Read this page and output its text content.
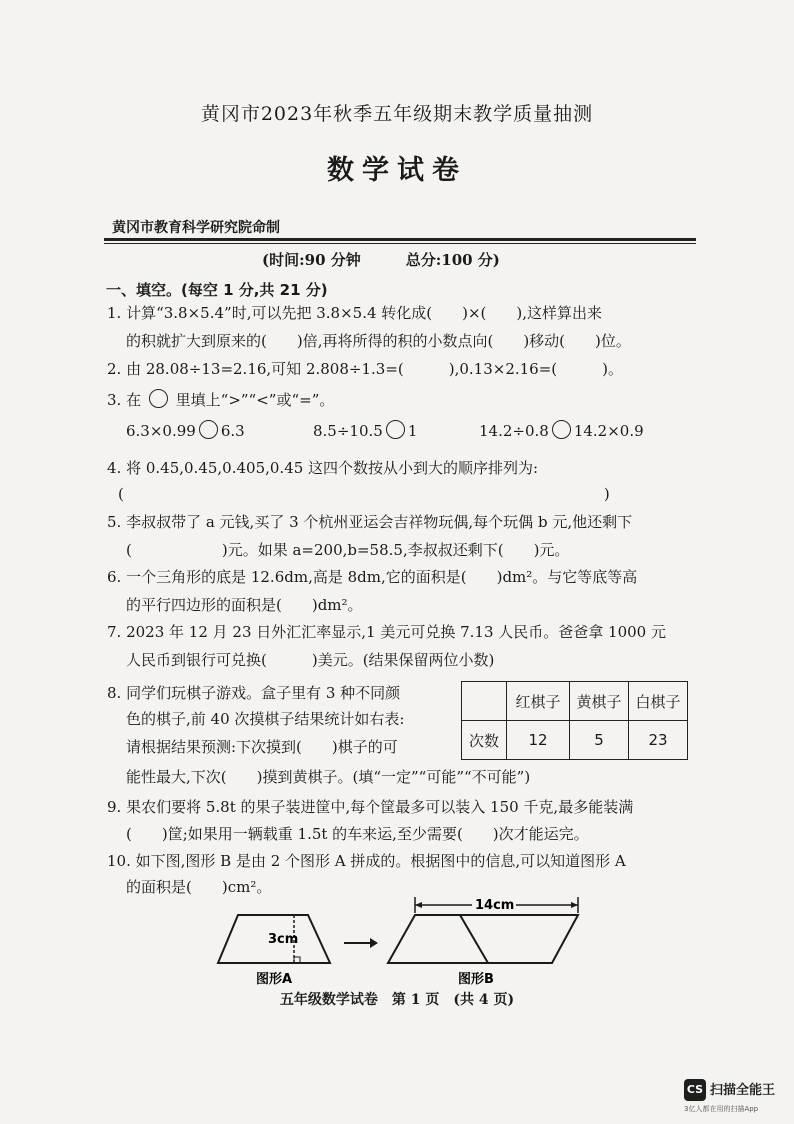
黄冈市2023年秋季五年级期末教学质量抽测
数学试卷
黄冈市教育科学研究院命制
(时间:90 分钟　　　总分:100 分)
一、填空。(每空 1 分,共 21 分)
1. 计算“3.8×5.4”时,可以先把 3.8×5.4 转化成(　　)×(　　),这样算出来
的积就扩大到原来的(　　)倍,再将所得的积的小数点向(　　)移动(　　)位。
2. 由 28.08÷13=2.16,可知 2.808÷1.3=(　　　),0.13×2.16=(　　　)。
3. 在 里填上“>”“<”或“=”。
6.3×0.99 6.3	8.5÷10.5 1	14.2÷0.8 14.2×0.9
4. 将 0.45,0.45,0.405,0.45 这四个数按从小到大的顺序排列为:
(　　　　　　　　　　　　　　　　　　　　　　　　　　　　　　　　)
5. 李叔叔带了 a 元钱,买了 3 个杭州亚运会吉祥物玩偶,每个玩偶 b 元,他还剩下
(　　　　　　)元。如果 a=200,b=58.5,李叔叔还剩下(　　)元。
6. 一个三角形的底是 12.6dm,高是 8dm,它的面积是(　　)dm²。与它等底等高
的平行四边形的面积是(　　)dm²。
7. 2023 年 12 月 23 日外汇汇率显示,1 美元可兑换 7.13 人民币。爸爸拿 1000 元
人民币到银行可兑换(　　　)美元。(结果保留两位小数)
8. 同学们玩棋子游戏。盒子里有 3 种不同颜
色的棋子,前 40 次摸棋子结果统计如右表:
请根据结果预测:下次摸到(　　)棋子的可
能性最大,下次(　　)摸到黄棋子。(填“一定”“可能”“不可能”)
	红棋子	黄棋子	白棋子
次数	12	5	23
9. 果农们要将 5.8t 的果子装进筐中,每个筐最多可以装入 150 千克,最多能装满
(　　)筐;如果用一辆载重 1.5t 的车来运,至少需要(　　)次才能运完。
10. 如下图,图形 B 是由 2 个图形 A 拼成的。根据图中的信息,可以知道图形 A
的面积是(　　)cm²。
3cm
14cm
图形A	图形B
五年级数学试卷　第 1 页　(共 4 页)
CS 扫描全能王
3亿人都在用的扫描App
